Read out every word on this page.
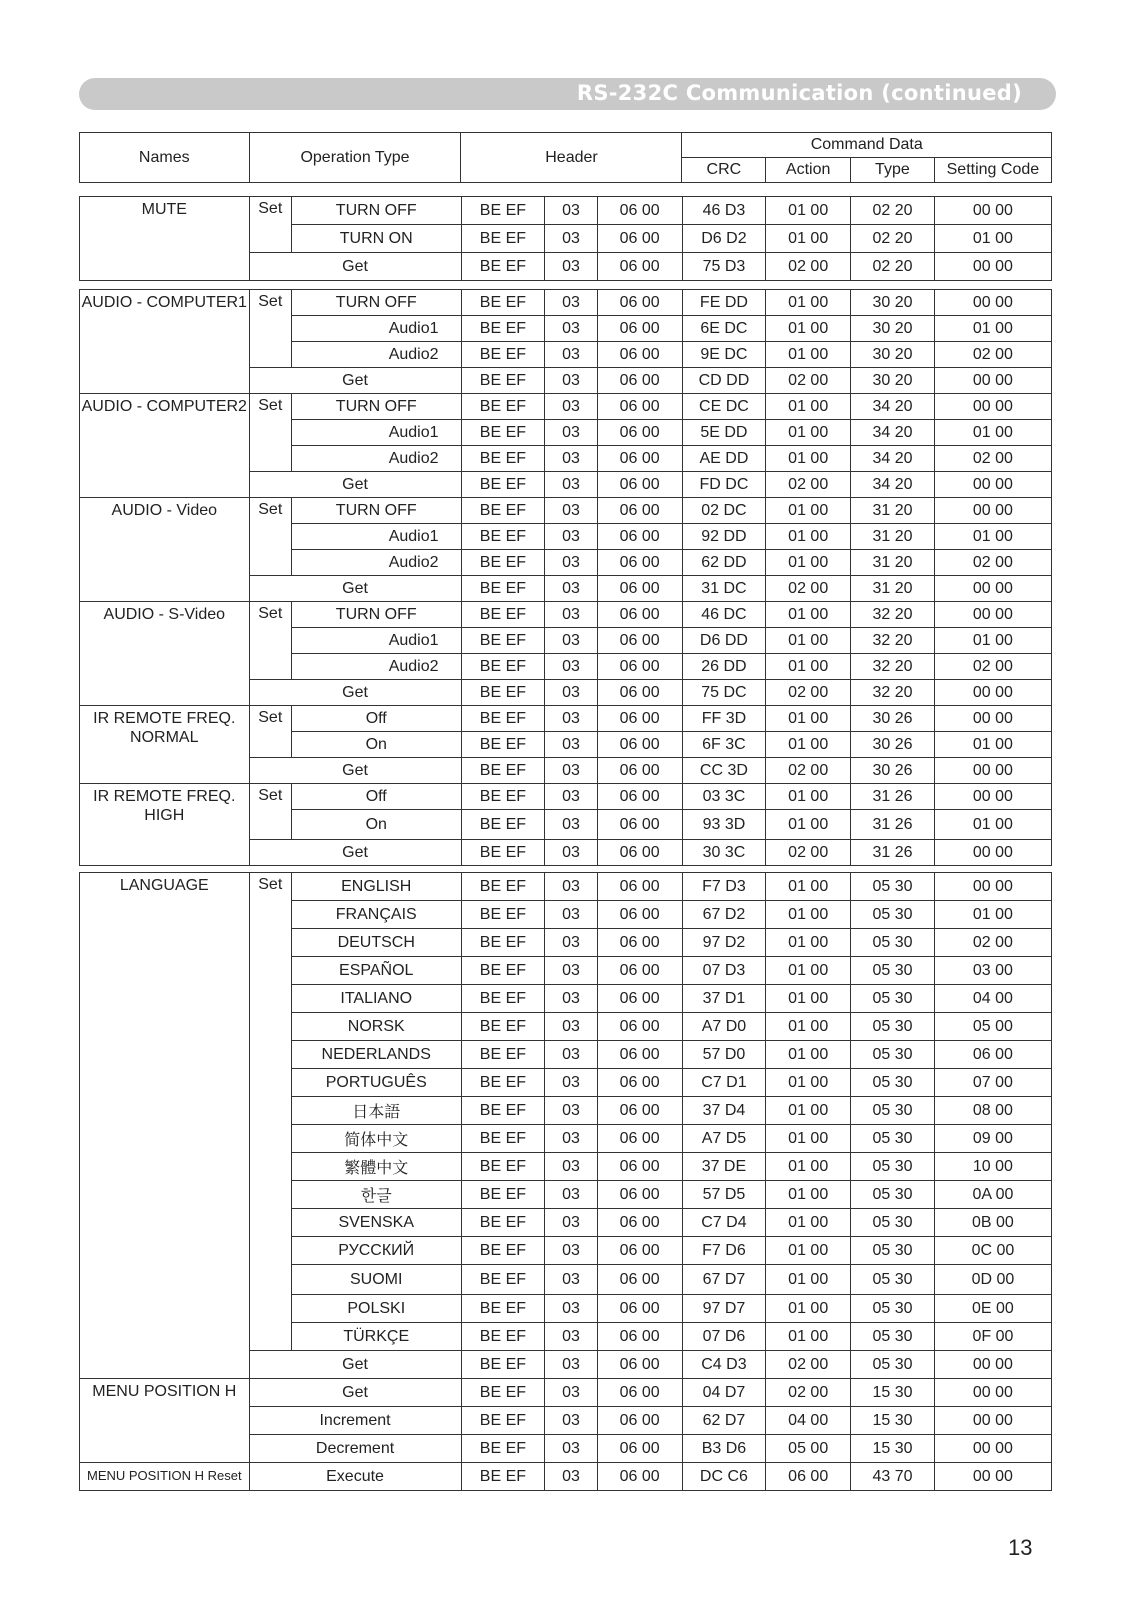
RS-232C Communication (continued)
Names	Operation Type	Header	Command Data			
			CRC	Action	Type	Setting Code
MUTE	Set	TURN OFF	BE EF	03	06 00	46 D3	01 00	02 20	00 00
		TURN ON	BE EF	03	06 00	D6 D2	01 00	02 20	01 00
	Get		BE EF	03	06 00	75 D3	02 00	02 20	00 00
AUDIO - COMPUTER1	Set	TURN OFF	BE EF	03	06 00	FE DD	01 00	30 20	00 00
		Audio1	BE EF	03	06 00	6E DC	01 00	30 20	01 00
		Audio2	BE EF	03	06 00	9E DC	01 00	30 20	02 00
	Get		BE EF	03	06 00	CD DD	02 00	30 20	00 00
AUDIO - COMPUTER2	Set	TURN OFF	BE EF	03	06 00	CE DC	01 00	34 20	00 00
		Audio1	BE EF	03	06 00	5E DD	01 00	34 20	01 00
		Audio2	BE EF	03	06 00	AE DD	01 00	34 20	02 00
	Get		BE EF	03	06 00	FD DC	02 00	34 20	00 00
AUDIO - Video	Set	TURN OFF	BE EF	03	06 00	02 DC	01 00	31 20	00 00
		Audio1	BE EF	03	06 00	92 DD	01 00	31 20	01 00
		Audio2	BE EF	03	06 00	62 DD	01 00	31 20	02 00
	Get		BE EF	03	06 00	31 DC	02 00	31 20	00 00
AUDIO - S-Video	Set	TURN OFF	BE EF	03	06 00	46 DC	01 00	32 20	00 00
		Audio1	BE EF	03	06 00	D6 DD	01 00	32 20	01 00
		Audio2	BE EF	03	06 00	26 DD	01 00	32 20	02 00
	Get		BE EF	03	06 00	75 DC	02 00	32 20	00 00
IR REMOTE FREQ. NORMAL	Set	Off	BE EF	03	06 00	FF 3D	01 00	30 26	00 00
		On	BE EF	03	06 00	6F 3C	01 00	30 26	01 00
	Get		BE EF	03	06 00	CC 3D	02 00	30 26	00 00
IR REMOTE FREQ. HIGH	Set	Off	BE EF	03	06 00	03 3C	01 00	31 26	00 00
		On	BE EF	03	06 00	93 3D	01 00	31 26	01 00
	Get		BE EF	03	06 00	30 3C	02 00	31 26	00 00
LANGUAGE	Set	ENGLISH	BE EF	03	06 00	F7 D3	01 00	05 30	00 00
		FRANÇAIS	BE EF	03	06 00	67 D2	01 00	05 30	01 00
		DEUTSCH	BE EF	03	06 00	97 D2	01 00	05 30	02 00
		ESPAÑOL	BE EF	03	06 00	07 D3	01 00	05 30	03 00
		ITALIANO	BE EF	03	06 00	37 D1	01 00	05 30	04 00
		NORSK	BE EF	03	06 00	A7 D0	01 00	05 30	05 00
		NEDERLANDS	BE EF	03	06 00	57 D0	01 00	05 30	06 00
		PORTUGUÊS	BE EF	03	06 00	C7 D1	01 00	05 30	07 00
		日本語	BE EF	03	06 00	37 D4	01 00	05 30	08 00
		简体中文	BE EF	03	06 00	A7 D5	01 00	05 30	09 00
		繁體中文	BE EF	03	06 00	37 DE	01 00	05 30	10 00
		한글	BE EF	03	06 00	57 D5	01 00	05 30	0A 00
		SVENSKA	BE EF	03	06 00	C7 D4	01 00	05 30	0B 00
		РУССКИЙ	BE EF	03	06 00	F7 D6	01 00	05 30	0C 00
		SUOMI	BE EF	03	06 00	67 D7	01 00	05 30	0D 00
		POLSKI	BE EF	03	06 00	97 D7	01 00	05 30	0E 00
		TÜRKÇE	BE EF	03	06 00	07 D6	01 00	05 30	0F 00
	Get		BE EF	03	06 00	C4 D3	02 00	05 30	00 00
MENU POSITION H	Get		BE EF	03	06 00	04 D7	02 00	15 30	00 00
	Increment		BE EF	03	06 00	62 D7	04 00	15 30	00 00
	Decrement		BE EF	03	06 00	B3 D6	05 00	15 30	00 00
MENU POSITION H Reset	Execute		BE EF	03	06 00	DC C6	06 00	43 70	00 00
13
